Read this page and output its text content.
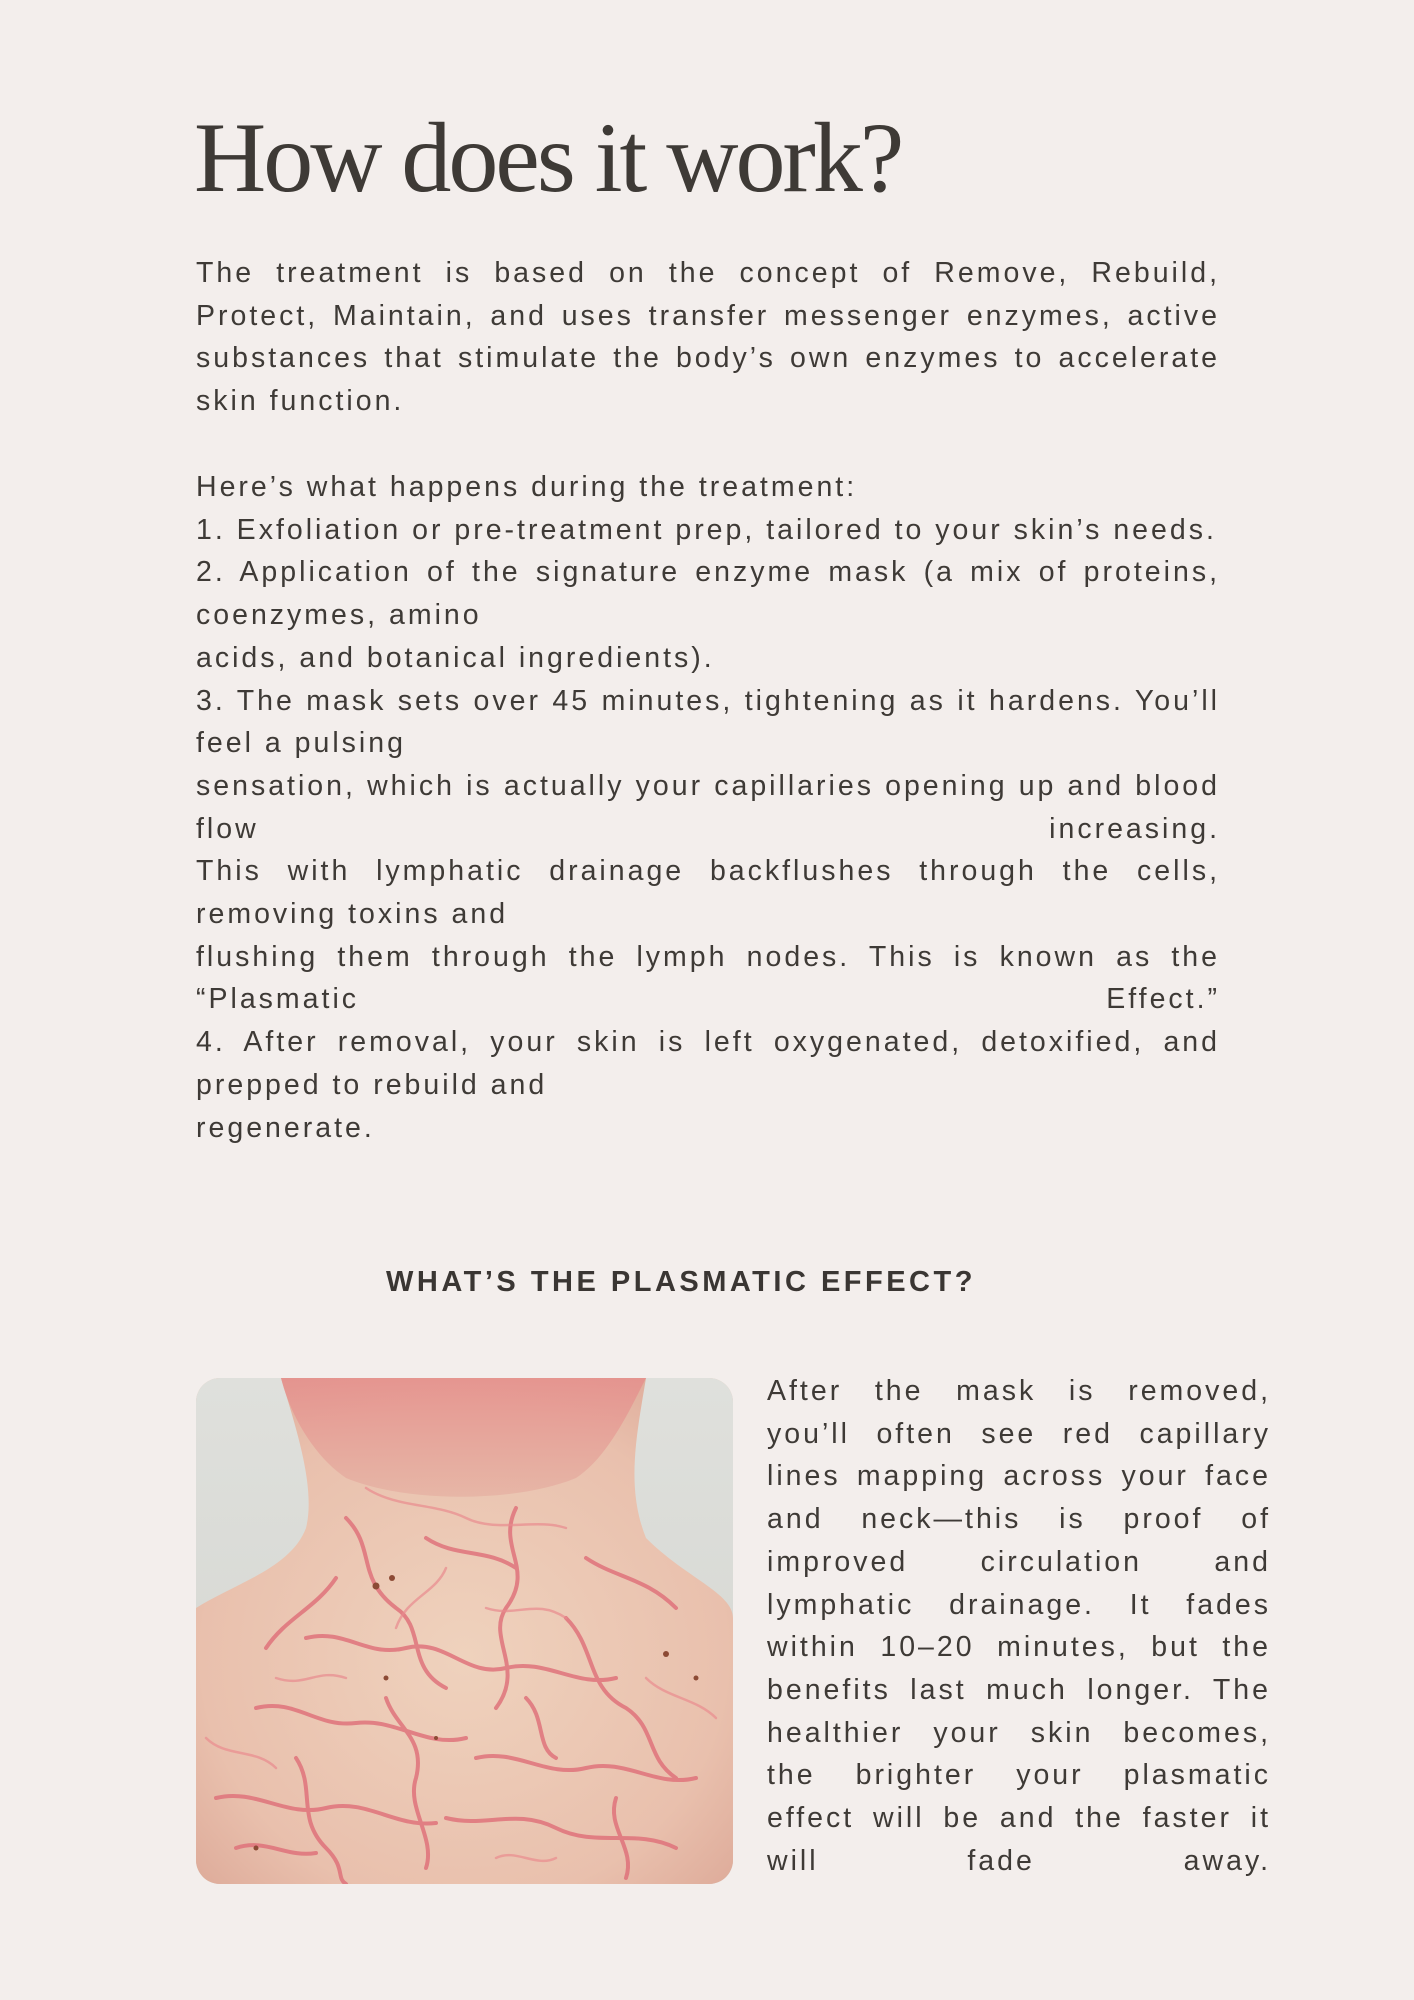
How does it work?

The treatment is based on the concept of Remove, Rebuild, Protect, Maintain, and uses transfer messenger enzymes, active substances that stimulate the body’s own enzymes to accelerate skin function.

Here’s what happens during the treatment:
1. Exfoliation or pre-treatment prep, tailored to your skin’s needs.
2. Application of the signature enzyme mask (a mix of proteins, coenzymes, amino
acids, and botanical ingredients).
3. The mask sets over 45 minutes, tightening as it hardens. You’ll feel a pulsing
sensation, which is actually your capillaries opening up and blood flow increasing.
This with lymphatic drainage backflushes through the cells, removing toxins and
flushing them through the lymph nodes. This is known as the “Plasmatic Effect.”
4. After removal, your skin is left oxygenated, detoxified, and prepped to rebuild and
regenerate.
WHAT’S THE PLASMATIC EFFECT?
After the mask is removed, you’ll often see red capillary lines mapping across your face and neck—this is proof of improved circulation and lymphatic drainage. It fades within 10–20 minutes, but the benefits last much longer. The healthier your skin becomes, the brighter your plasmatic effect will be and the faster it will fade away.
